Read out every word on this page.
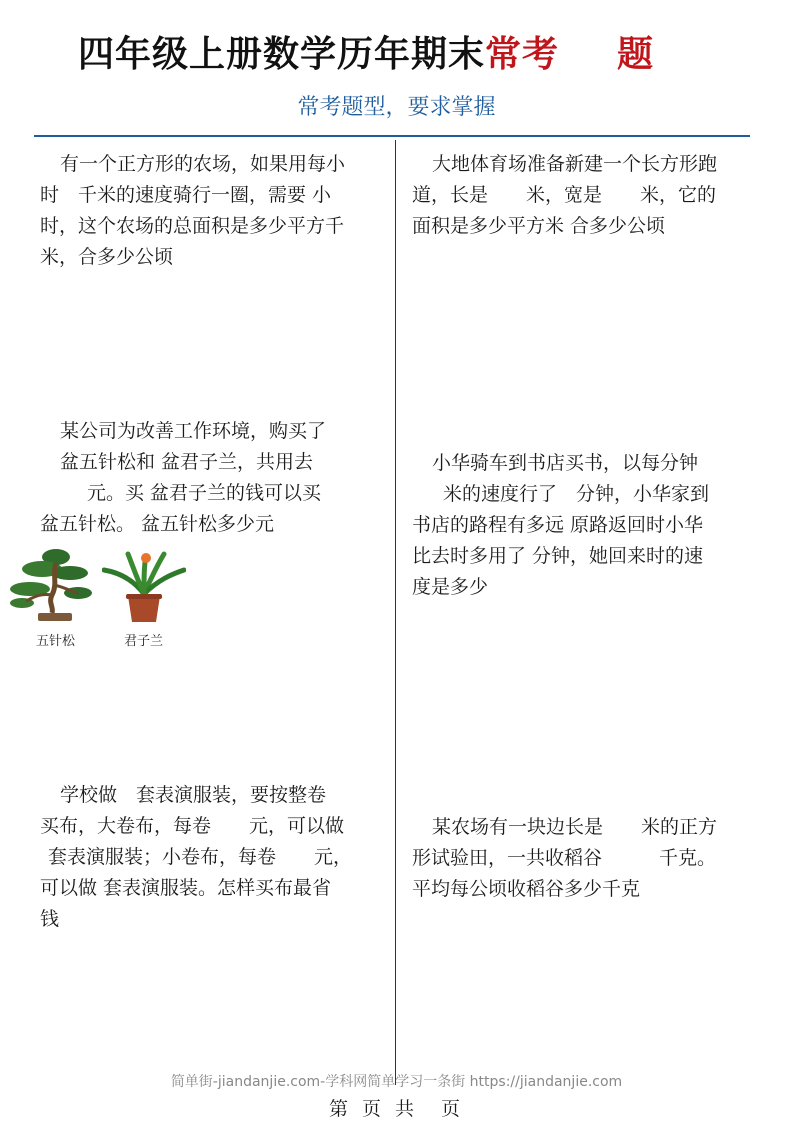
四年级上册数学历年期末常考 题
常考题型，要求掌握
有一个正方形的农场，如果用每小
时　千米的速度骑行一圈，需要 小
时，这个农场的总面积是多少平方千
米，合多少公顷
大地体育场准备新建一个长方形跑
道，长是　　米，宽是　　米，它的
面积是多少平方米 合多少公顷
某公司为改善工作环境，购买了
盆五针松和 盆君子兰，共用去
　元。买 盆君子兰的钱可以买
盆五针松。 盆五针松多少元
小华骑车到书店买书，以每分钟
　米的速度行了　分钟，小华家到
书店的路程有多远 原路返回时小华
比去时多用了 分钟，她回来时的速
度是多少
学校做　套表演服装，要按整卷
买布，大卷布，每卷　　元，可以做
套表演服装；小卷布，每卷　　元，
可以做 套表演服装。怎样买布最省
钱
某农场有一块边长是　　米的正方
形试验田，一共收稻谷　　　千克。
平均每公顷收稻谷多少千克
五针松	君子兰
简单街-jiandanjie.com-学科网简单学习一条街 https://jiandanjie.com
第 页 共　页
